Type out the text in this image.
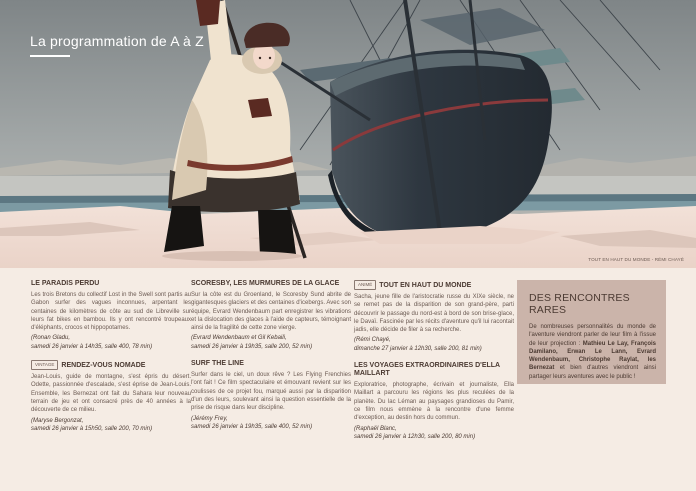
La programmation de A à Z

TOUT EN HAUT DU MONDE - RÉMI CHAYÉ

LE PARADIS PERDU

Les trois Bretons du collectif Lost in the Swell sont partis au Gabon surfer des vagues inconnues, arpentant les centaines de kilomètres de côte au sud de Libreville sur leurs fat bikes en bambou. Ils y ont rencontré troupeaux d'éléphants, crocos et hippopotames.

(Ronan Gladu,
samedi 26 janvier à 14h35, salle 400, 78 min)

VINTAGE RENDEZ-VOUS NOMADE

Jean-Louis, guide de montagne, s'est épris du désert. Odette, passionnée d'escalade, s'est éprise de Jean-Louis. Ensemble, les Bernezat ont fait du Sahara leur nouveau terrain de jeu et ont consacré près de 40 années à la découverte de ce milieu.

(Maryse Bergonzat,
samedi 26 janvier à 15h50, salle 200, 70 min)

SCORESBY, LES MURMURES DE LA GLACE

Sur la côte est du Groenland, le Scoresby Sund abrite de gigantesques glaciers et des centaines d'icebergs. Avec son équipe, Evrard Wendenbaum part enregistrer les vibrations et la dislocation des glaces à l'aide de capteurs, témoignant ainsi de la fragilité de cette zone vierge.

(Evrard Wendenbaum et Gil Kebaili,
samedi 26 janvier à 19h35, salle 200, 52 min)

SURF THE LINE

Surfer dans le ciel, un doux rêve ? Les Flying Frenchies l'ont fait ! Ce film spectaculaire et émouvant revient sur les coulisses de ce projet fou, marqué aussi par la disparition d'un des leurs, soulevant ainsi la question essentielle de la prise de risque dans leur discipline.

(Jérémy Frey,
samedi 26 janvier à 19h35, salle 400, 52 min)

ANIMÉ TOUT EN HAUT DU MONDE

Sacha, jeune fille de l'aristocratie russe du XIXe siècle, ne se remet pas de la disparition de son grand-père, parti découvrir le passage du nord-est à bord de son brise-glace, le Davaï. Fascinée par les récits d'aventure qu'il lui racontait jadis, elle décide de filer à sa recherche.

(Rémi Chayé,
dimanche 27 janvier à 12h30, salle 200, 81 min)

LES VOYAGES EXTRAORDINAIRES D'ELLA MAILLART

Exploratrice, photographe, écrivain et journaliste, Ella Maillart a parcouru les régions les plus reculées de la planète. Du lac Léman au paysages grandioses du Pamir, ce film nous emmène à la rencontre d'une femme d'exception, au destin hors du commun.

(Raphaël Blanc,
samedi 26 janvier à 12h30, salle 200, 80 min)

DES RENCONTRES RARES

De nombreuses personnalités du monde de l'aventure viendront parler de leur film à l'issue de leur projection : Mathieu Le Lay, François Damilano, Erwan Le Lann, Evrard Wendenbaum, Christophe Raylat, les Bernezat et bien d'autres viendront ainsi partager leurs aventures avec le public !
